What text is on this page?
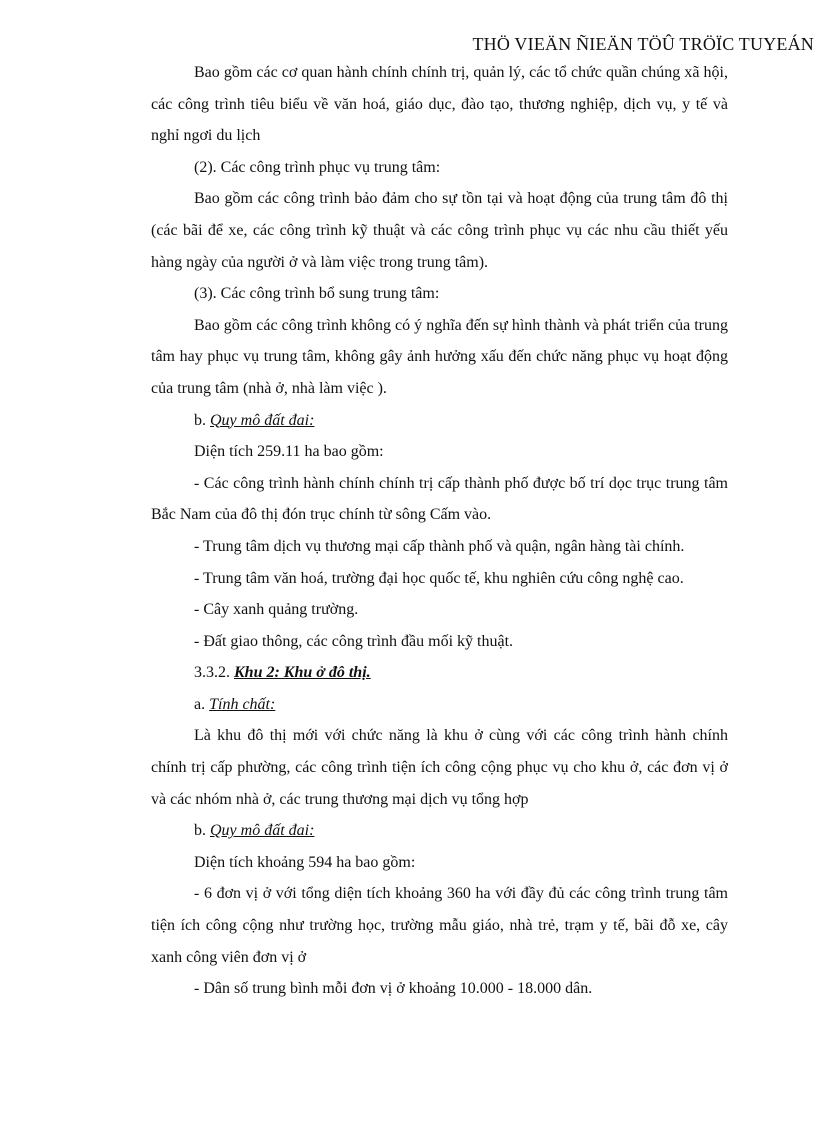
THÖ VIEÄN ÑIEÄN TÖÛ TRÖÏC TUYEÁN

Bao gồm các cơ quan hành chính chính trị, quản lý, các tổ chức quần chúng xã hội, các công trình tiêu biểu về văn hoá, giáo dục, đào tạo, thương nghiệp, dịch vụ, y tế và nghỉ ngơi du lịch

(2). Các công trình phục vụ trung tâm:

Bao gồm các công trình bảo đảm cho sự tồn tại và hoạt động của trung tâm đô thị (các bãi để xe, các công trình kỹ thuật và các công trình phục vụ các nhu cầu thiết yếu hàng ngày của người ở và làm việc trong trung tâm).

(3). Các công trình bổ sung trung tâm:

Bao gồm các công trình không có ý nghĩa đến sự hình thành và phát triển của trung tâm hay phục vụ trung tâm, không gây ảnh hưởng xấu đến chức năng phục vụ hoạt động của trung tâm (nhà ở, nhà làm việc ).

b. Quy mô đất đai:

Diện tích 259.11 ha bao gồm:

- Các công trình hành chính chính trị cấp thành phố được bố trí dọc trục trung tâm Bắc Nam của đô thị đón trục chính từ sông Cấm vào.

- Trung tâm dịch vụ thương mại cấp thành phố và quận, ngân hàng tài chính.

- Trung tâm văn hoá, trường đại học quốc tế, khu nghiên cứu công nghệ cao.

- Cây xanh quảng trường.

- Đất giao thông, các công trình đầu mối kỹ thuật.

3.3.2. Khu 2: Khu ở đô thị.

a. Tính chất:

Là khu đô thị mới với chức năng là khu ở cùng với các công trình hành chính chính trị cấp phường, các công trình tiện ích công cộng phục vụ cho khu ở, các đơn vị ở và các nhóm nhà ở, các trung thương mại dịch vụ tổng hợp

b. Quy mô đất đai:

Diện tích khoảng 594 ha bao gồm:

- 6 đơn vị ở với tổng diện tích khoảng 360 ha với đầy đủ các công trình trung tâm tiện ích công cộng như trường học, trường mẫu giáo, nhà trẻ, trạm y tế, bãi đỗ xe, cây xanh công viên đơn vị ở

- Dân số trung bình mỗi đơn vị ở khoảng 10.000 - 18.000 dân.
